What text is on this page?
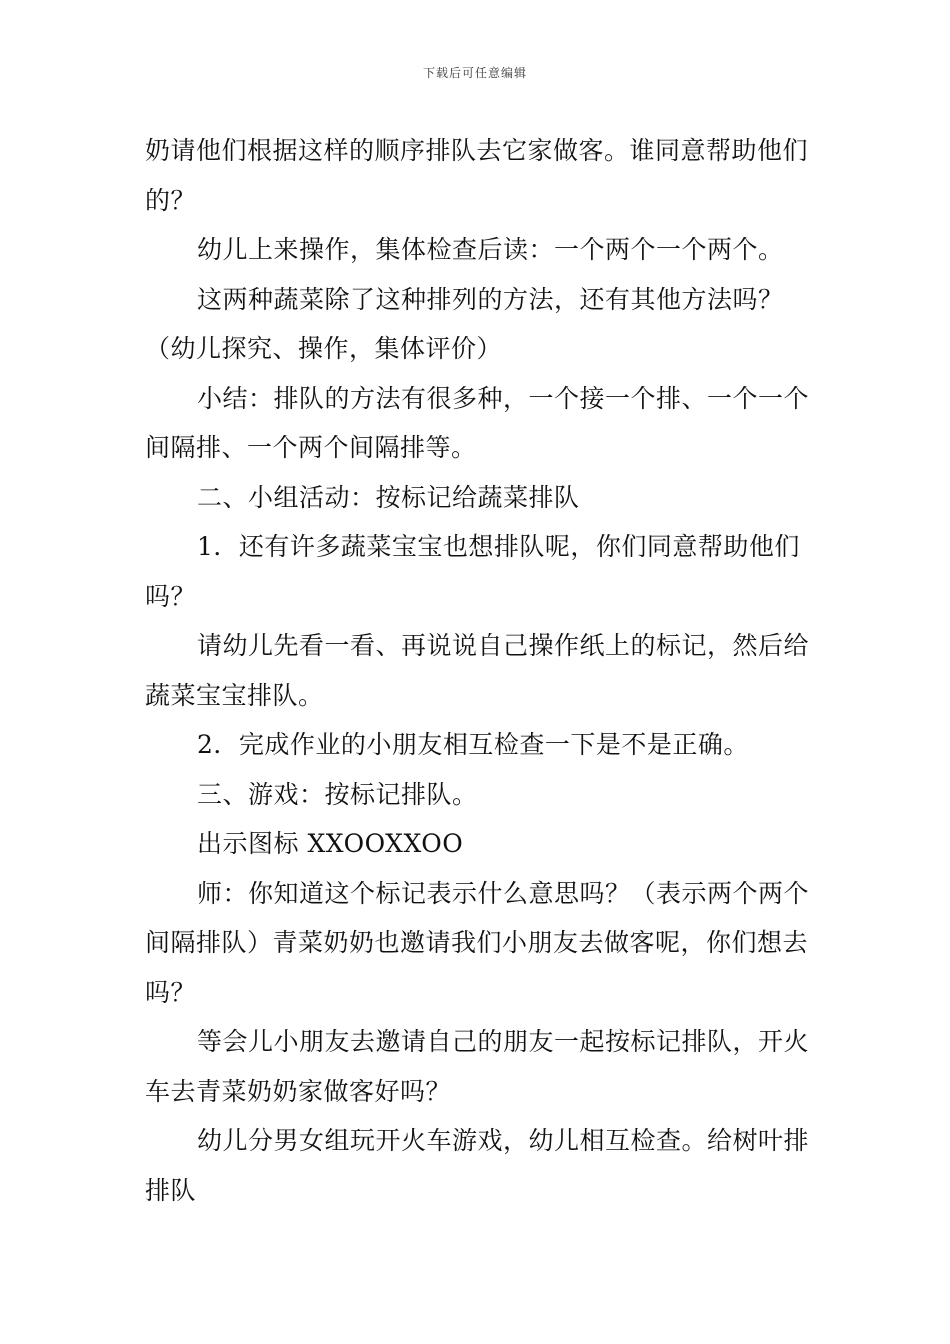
下载后可任意编辑

奶请他们根据这样的顺序排队去它家做客。谁同意帮助他们的？

幼儿上来操作，集体检查后读：一个两个一个两个。

这两种蔬菜除了这种排列的方法，还有其他方法吗？（幼儿探究、操作，集体评价）

小结：排队的方法有很多种，一个接一个排、一个一个间隔排、一个两个间隔排等。

二、小组活动：按标记给蔬菜排队

1．还有许多蔬菜宝宝也想排队呢，你们同意帮助他们吗？

请幼儿先看一看、再说说自己操作纸上的标记，然后给蔬菜宝宝排队。

2．完成作业的小朋友相互检查一下是不是正确。

三、游戏：按标记排队。

出示图标 XXOOXXOO

师：你知道这个标记表示什么意思吗？（表示两个两个间隔排队）青菜奶奶也邀请我们小朋友去做客呢，你们想去吗？

等会儿小朋友去邀请自己的朋友一起按标记排队，开火车去青菜奶奶家做客好吗？

幼儿分男女组玩开火车游戏，幼儿相互检查。给树叶排排队
